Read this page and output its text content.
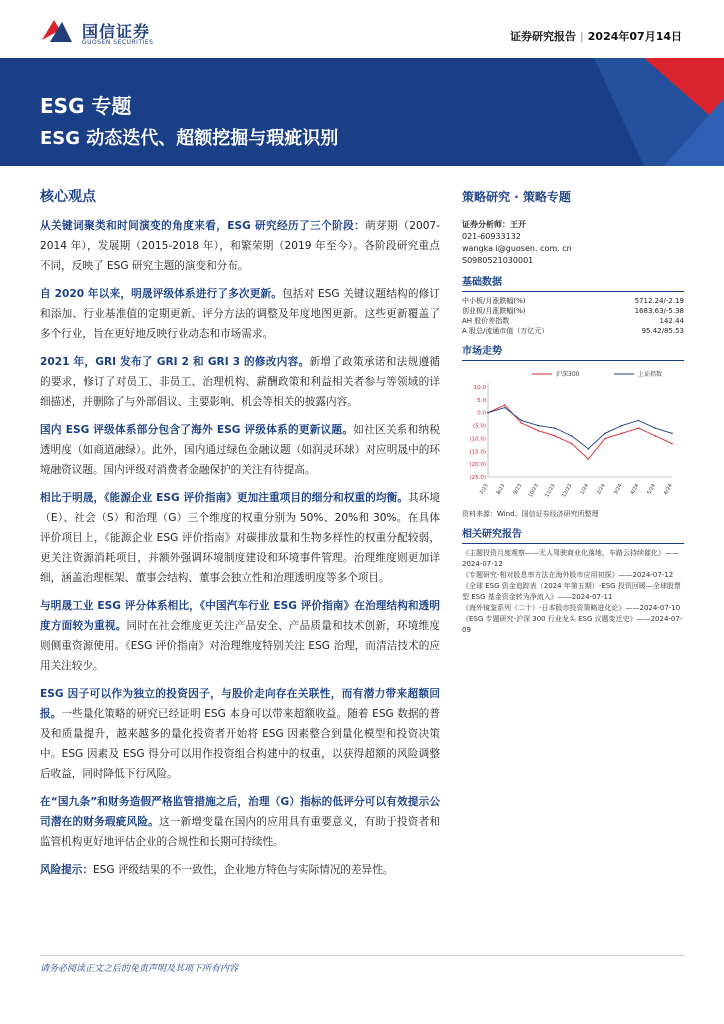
国信证券
GUOSEN SECURITIES	证券研究报告 | 2024年07月14日
ESG 专题
ESG 动态迭代、超额挖掘与瑕疵识别
核心观点
从关键词聚类和时间演变的角度来看，ESG 研究经历了三个阶段：萌芽期（2007-2014 年），发展期（2015-2018 年），和繁荣期（2019 年至今）。各阶段研究重点不同，反映了 ESG 研究主题的演变和分布。
自 2020 年以来，明晟评级体系进行了多次更新。包括对 ESG 关键议题结构的修订和添加、行业基准值的定期更新、评分方法的调整及年度地图更新。这些更新覆盖了多个行业，旨在更好地反映行业动态和市场需求。
2021 年，GRI 发布了 GRI 2 和 GRI 3 的修改内容。新增了政策承诺和法规遵循的要求，修订了对员工、非员工、治理机构、薪酬政策和利益相关者参与等领域的详细描述，并删除了与外部倡议、主要影响、机会等相关的披露内容。
国内 ESG 评级体系部分包含了海外 ESG 评级体系的更新议题。如社区关系和纳税透明度（如商道融绿）。此外，国内通过绿色金融议题（如润灵环球）对应明晟中的环境融资议题。国内评级对消费者金融保护的关注有待提高。
相比于明晟，《能源企业 ESG 评价指南》更加注重项目的细分和权重的均衡。其环境（E）、社会（S）和治理（G）三个维度的权重分别为 50%、20%和 30%。在具体评价项目上，《能源企业 ESG 评价指南》对碳排放量和生物多样性的权重分配较弱，更关注资源消耗项目，并额外强调环境制度建设和环境事件管理。治理维度则更加详细，涵盖治理框架、董事会结构、董事会独立性和治理透明度等多个项目。
与明晟工业 ESG 评分体系相比，《中国汽车行业 ESG 评价指南》在治理结构和透明度方面较为重视。同时在社会维度更关注产品安全、产品质量和技术创新，环境维度则侧重资源使用。《ESG 评价指南》对治理维度特别关注 ESG 治理，而清洁技术的应用关注较少。
ESG 因子可以作为独立的投资因子，与股价走向存在关联性，而有潜力带来超额回报。一些量化策略的研究已经证明 ESG 本身可以带来超额收益。随着 ESG 数据的普及和质量提升，越来越多的量化投资者开始将 ESG 因素整合到量化模型和投资决策中。ESG 因素及 ESG 得分可以用作投资组合构建中的权重，以获得超额的风险调整后收益，同时降低下行风险。
在“国九条”和财务造假严格监管措施之后，治理（G）指标的低评分可以有效提示公司潜在的财务瑕疵风险。这一新增变量在国内的应用具有重要意义，有助于投资者和监管机构更好地评估企业的合规性和长期可持续性。
风险提示：ESG 评级结果的不一致性，企业地方特色与实际情况的差异性。
策略研究 · 策略专题
证券分析师：王开
021-60933132
wangka i@guosen. com. cn
S0980521030001
基础数据
中小板/月涨跌幅(%)	5712.24/-2.19
创业板/月涨跌幅(%)	1683.63/-5.38
AH 股价差指数	142.44
A 股总/流通市值（万亿元）	95.42/85.53
市场走势
沪深300	上证指数
10.0
5.0
0.0
(5.0)
(10.0)
(15.0)
(20.0)
(25.0)
7/23 8/23 9/23 10/23 11/23 12/23 1/24 2/24 3/24 4/24 5/24 6/24
资料来源：Wind、国信证券经济研究所整理
相关研究报告
《主题投资月度观察——无人驾驶商业化落地、车路云持续催化》——2024-07-12
《专题研究-相对股息率方法在海外股市应用初探》——2024-07-12
《全球 ESG 资金追踪表（2024 年第五期）-ESG 投资回暖—全球股票型 ESG 基金资金转为净流入》——2024-07-11
《海外镜鉴系列（二十）-日本股市投资策略进化论》——2024-07-10
《ESG 专题研究-沪深 300 行业龙头 ESG 议题变迁史》——2024-07-09
请务必阅读正文之后的免责声明及其项下所有内容
